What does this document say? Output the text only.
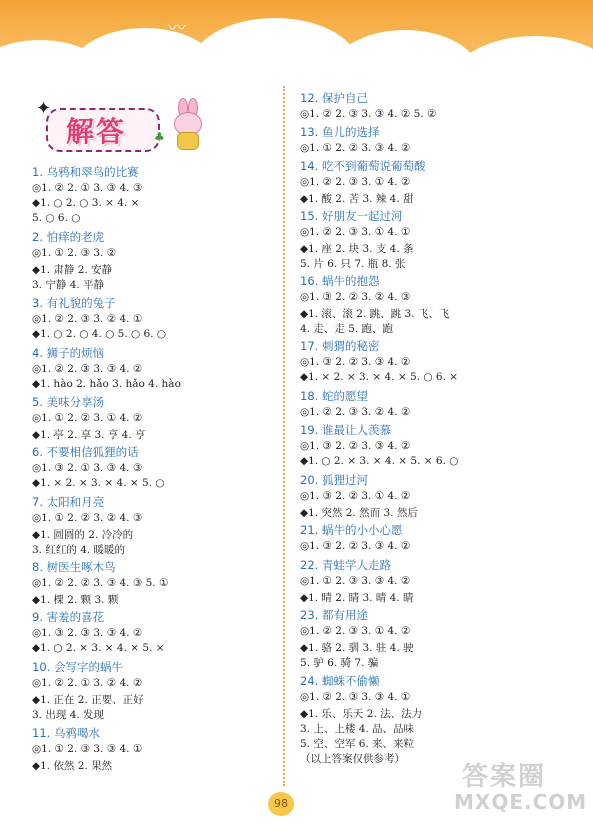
〰
✦
解答 ♣
1. 乌鸦和翠鸟的比赛
◎1. ② 2. ① 3. ③ 4. ③
◆1. ○ 2. ○ 3. × 4. ×
5. ○ 6. ○
2. 怕痒的老虎
◎1. ① 2. ③ 3. ②
◆1. 肃静 2. 安静
3. 宁静 4. 平静
3. 有礼貌的兔子
◎1. ② 2. ③ 3. ② 4. ①
◆1. ○ 2. ○ 4. ○ 5. ○ 6. ○
4. 狮子的烦恼
◎1. ② 2. ③ 3. ③ 4. ②
◆1. hào 2. hǎo 3. hǎo 4. hào
5. 美味分享汤
◎1. ① 2. ② 3. ① 4. ②
◆1. 亭 2. 享 3. 亨 4. 亨
6. 不要相信狐狸的话
◎1. ③ 2. ① 3. ③ 4. ③
◆1. × 2. × 3. × 4. × 5. ○
7. 太阳和月亮
◎1. ① 2. ② 3. ② 4. ③
◆1. 圆圆的 2. 冷冷的
3. 红红的 4. 暖暖的
8. 树医生啄木鸟
◎1. ② 2. ② 3. ③ 4. ③ 5. ①
◆1. 棵 2. 颗 3. 颗
9. 害羞的喜花
◎1. ③ 2. ③ 3. ③ 4. ②
◆1. ○ 2. × 3. × 4. × 5. ×
10. 会写字的蜗牛
◎1. ② 2. ① 3. ② 4. ②
◆1. 正在 2. 正要、正好
3. 出现 4. 发现
11. 乌鸦喝水
◎1. ① 2. ③ 3. ③ 4. ①
◆1. 依然 2. 果然
12. 保护自己
◎1. ② 2. ③ 3. ③ 4. ② 5. ②
13. 鱼儿的选择
◎1. ① 2. ② 3. ③ 4. ②
14. 吃不到葡萄说葡萄酸
◎1. ② 2. ③ 3. ① 4. ②
◆1. 酸 2. 苦 3. 辣 4. 甜
15. 好朋友一起过河
◎1. ② 2. ③ 3. ① 4. ①
◆1. 座 2. 块 3. 支 4. 条
5. 片 6. 只 7. 瓶 8. 张
16. 蜗牛的抱怨
◎1. ③ 2. ② 3. ② 4. ③
◆1. 滚、滚 2. 跳、跳 3. 飞、飞
4. 走、走 5. 跑、跑
17. 刺猬的秘密
◎1. ③ 2. ② 3. ③ 4. ②
◆1. × 2. × 3. × 4. × 5. ○ 6. ×
18. 蛇的愿望
◎1. ② 2. ③ 3. ② 4. ②
19. 谁最让人羡慕
◎1. ③ 2. ② 3. ③ 4. ②
◆1. ○ 2. × 3. × 4. × 5. × 6. ○
20. 狐狸过河
◎1. ③ 2. ② 3. ① 4. ②
◆1. 突然 2. 然而 3. 然后
21. 蜗牛的小小心愿
◎1. ③ 2. ② 3. ③ 4. ②
22. 青蛙学人走路
◎1. ① 2. ③ 3. ③ 4. ②
◆1. 晴 2. 睛 3. 晴 4. 睛
23. 都有用途
◎1. ② 2. ③ 3. ① 4. ②
◆1. 骆 2. 驯 3. 驻 4. 驶
5. 驴 6. 骑 7. 骗
24. 蜘蛛不偷懒
◎1. ② 2. ③ 3. ③ 4. ①
◆1. 乐、乐天 2. 法、法力
3. 上、上楼 4. 品、品味
5. 空、空军 6. 来、来粒
（以上答案仅供参考）
98
答案圈
MXQE.COM
